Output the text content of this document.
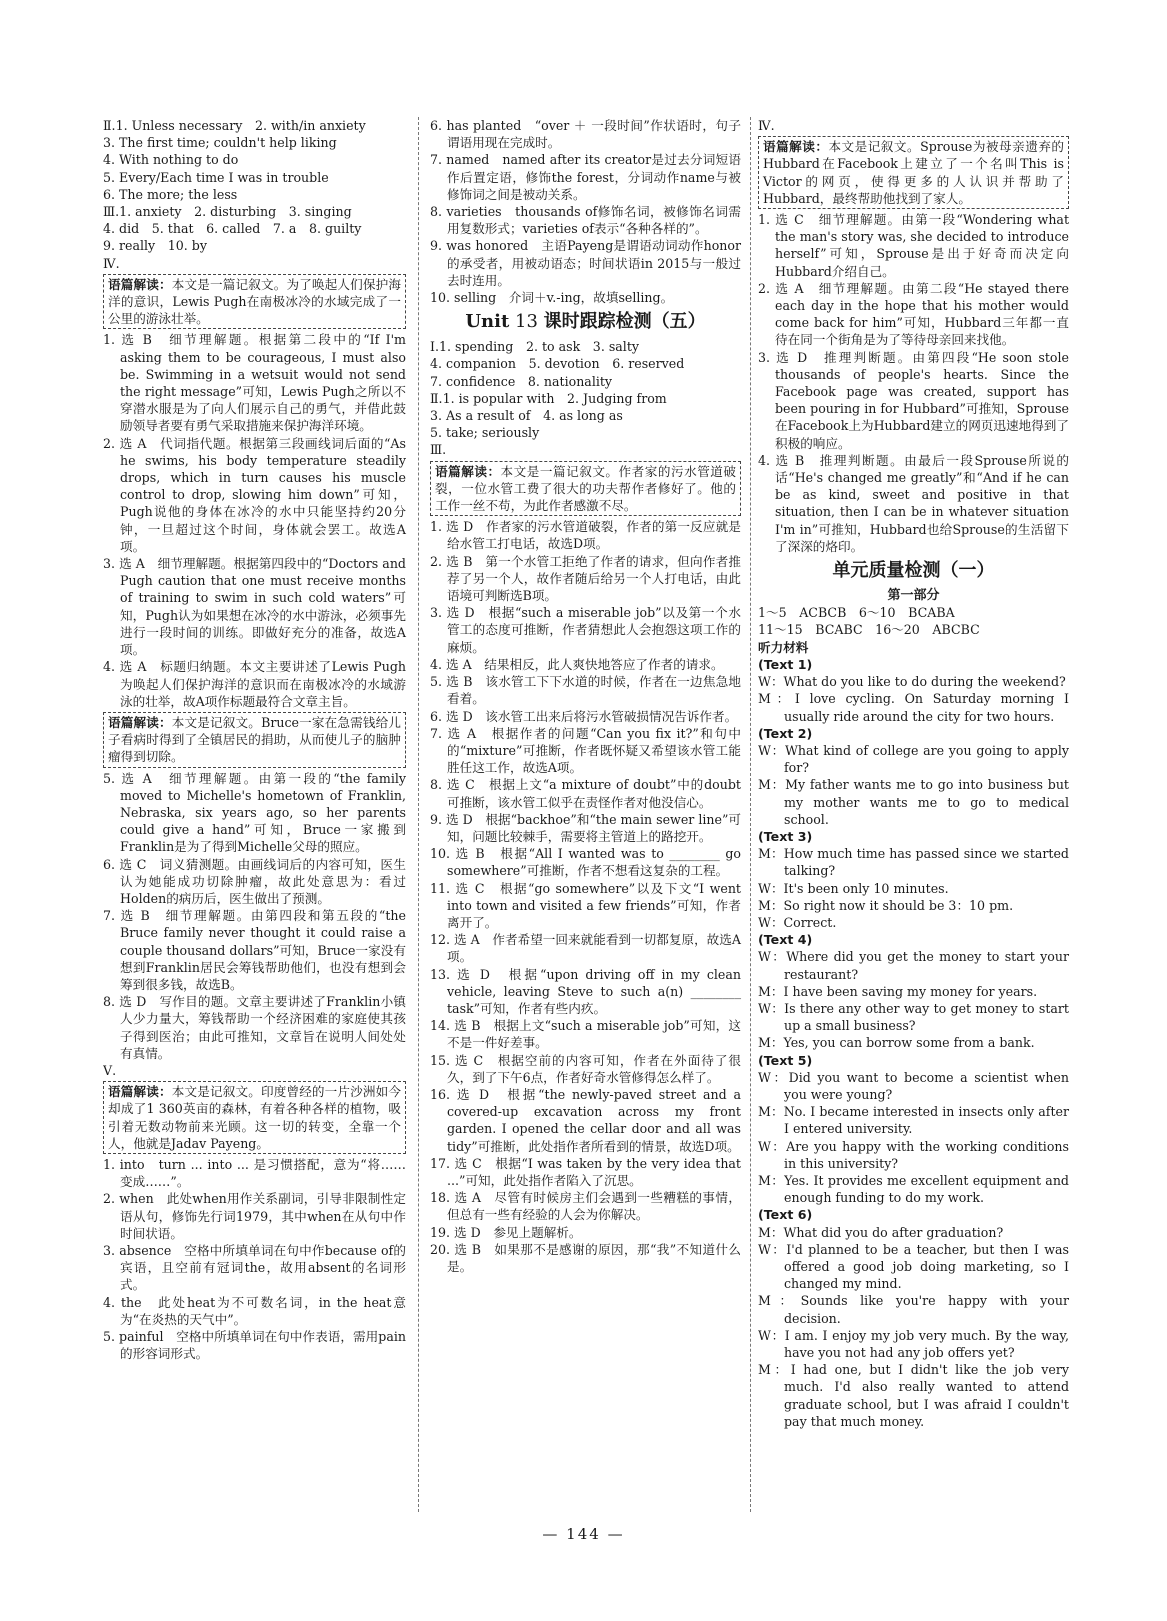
Ⅱ.1. Unless necessary　2. with/in anxiety
3. The first time; couldn't help liking
4. With nothing to do
5. Every/Each time I was in trouble
6. The more; the less
Ⅲ.1. anxiety　2. disturbing　3. singing
4. did　5. that　6. called　7. a　8. guilty
9. really　10. by
Ⅳ.
语篇解读：本文是一篇记叙文。为了唤起人们保护海洋的意识，Lewis Pugh在南极冰冷的水域完成了一公里的游泳壮举。
1. 选 B　细节理解题。根据第二段中的“If I'm asking them to be courageous, I must also be. Swimming in a wetsuit would not send the right message”可知，Lewis Pugh之所以不穿潜水服是为了向人们展示自己的勇气，并借此鼓励领导者要有勇气采取措施来保护海洋环境。
2. 选 A　代词指代题。根据第三段画线词后面的“As he swims, his body temperature steadily drops, which in turn causes his muscle control to drop, slowing him down”可知，Pugh说他的身体在冰冷的水中只能坚持约20分钟，一旦超过这个时间，身体就会罢工。故选A项。
3. 选 A　细节理解题。根据第四段中的“Doctors and Pugh caution that one must receive months of training to swim in such cold waters”可知，Pugh认为如果想在冰冷的水中游泳，必须事先进行一段时间的训练。即做好充分的准备，故选A项。
4. 选 A　标题归纳题。本文主要讲述了Lewis Pugh为唤起人们保护海洋的意识而在南极冰冷的水域游泳的壮举，故A项作标题最符合文章主旨。
语篇解读：本文是记叙文。Bruce一家在急需钱给儿子看病时得到了全镇居民的捐助，从而使儿子的脑肿瘤得到切除。
5. 选 A　细节理解题。由第一段的“the family moved to Michelle's hometown of Franklin, Nebraska, six years ago, so her parents could give a hand”可知，Bruce一家搬到Franklin是为了得到Michelle父母的照应。
6. 选 C　词义猜测题。由画线词后的内容可知，医生认为她能成功切除肿瘤，故此处意思为：看过Holden的病历后，医生做出了预测。
7. 选 B　细节理解题。由第四段和第五段的“the Bruce family never thought it could raise a couple thousand dollars”可知，Bruce一家没有想到Franklin居民会筹钱帮助他们，也没有想到会筹到很多钱，故选B。
8. 选 D　写作目的题。文章主要讲述了Franklin小镇人少力量大，筹钱帮助一个经济困难的家庭使其孩子得到医治；由此可推知，文章旨在说明人间处处有真情。
Ⅴ.
语篇解读：本文是记叙文。印度曾经的一片沙洲如今却成了1 360英亩的森林，有着各种各样的植物，吸引着无数动物前来光顾。这一切的转变，全靠一个人，他就是Jadav Payeng。
1. into　turn ... into ... 是习惯搭配，意为“将……变成……”。
2. when　此处when用作关系副词，引导非限制性定语从句，修饰先行词1979，其中when在从句中作时间状语。
3. absence　空格中所填单词在句中作because of的宾语，且空前有冠词the，故用absent的名词形式。
4. the　此处heat为不可数名词，in the heat意为“在炎热的天气中”。
5. painful　空格中所填单词在句中作表语，需用pain的形容词形式。
6. has planted　“over ＋ 一段时间”作状语时，句子谓语用现在完成时。
7. named　named after its creator是过去分词短语作后置定语，修饰the forest，分词动作name与被修饰词之间是被动关系。
8. varieties　thousands of修饰名词，被修饰名词需用复数形式；varieties of表示“各种各样的”。
9. was honored　主语Payeng是谓语动词动作honor的承受者，用被动语态；时间状语in 2015与一般过去时连用。
10. selling　介词＋v.-ing，故填selling。
Unit 13 课时跟踪检测（五）
Ⅰ.1. spending　2. to ask　3. salty
4. companion　5. devotion　6. reserved
7. confidence　8. nationality
Ⅱ.1. is popular with　2. Judging from
3. As a result of　4. as long as
5. take; seriously
Ⅲ.
语篇解读：本文是一篇记叙文。作者家的污水管道破裂，一位水管工费了很大的功夫帮作者修好了。他的工作一丝不苟，为此作者感激不尽。
1. 选 D　作者家的污水管道破裂，作者的第一反应就是给水管工打电话，故选D项。
2. 选 B　第一个水管工拒绝了作者的请求，但向作者推荐了另一个人，故作者随后给另一个人打电话，由此语境可判断选B项。
3. 选 D　根据“such a miserable job”以及第一个水管工的态度可推断，作者猜想此人会抱怨这项工作的麻烦。
4. 选 A　结果相反，此人爽快地答应了作者的请求。
5. 选 B　该水管工下下水道的时候，作者在一边焦急地看着。
6. 选 D　该水管工出来后将污水管破损情况告诉作者。
7. 选 A　根据作者的问题“Can you fix it?”和句中的“mixture”可推断，作者既怀疑又希望该水管工能胜任这工作，故选A项。
8. 选 C　根据上文“a mixture of doubt”中的doubt可推断，该水管工似乎在责怪作者对他没信心。
9. 选 D　根据“backhoe”和“the main sewer line”可知，问题比较棘手，需要将主管道上的路挖开。
10. 选 B　根据“All I wanted was to ________ go somewhere”可推断，作者不想看这复杂的工程。
11. 选 C　根据“go somewhere”以及下文“I went into town and visited a few friends”可知，作者离开了。
12. 选 A　作者希望一回来就能看到一切都复原，故选A项。
13. 选 D　根据“upon driving off in my clean vehicle, leaving Steve to such a(n) ________ task”可知，作者有些内疚。
14. 选 B　根据上文“such a miserable job”可知，这不是一件好差事。
15. 选 C　根据空前的内容可知，作者在外面待了很久，到了下午6点，作者好奇水管修得怎么样了。
16. 选 D　根据“the newly-paved street and a covered-up excavation across my front garden. I opened the cellar door and all was tidy”可推断，此处指作者所看到的情景，故选D项。
17. 选 C　根据“I was taken by the very idea that ...”可知，此处指作者陷入了沉思。
18. 选 A　尽管有时候房主们会遇到一些糟糕的事情，但总有一些有经验的人会为你解决。
19. 选 D　参见上题解析。
20. 选 B　如果那不是感谢的原因，那“我”不知道什么是。
Ⅳ.
语篇解读：本文是记叙文。Sprouse为被母亲遗弃的Hubbard在Facebook上建立了一个名叫This is Victor的网页，使得更多的人认识并帮助了Hubbard，最终帮助他找到了家人。
1. 选 C　细节理解题。由第一段“Wondering what the man's story was, she decided to introduce herself”可知，Sprouse是出于好奇而决定向Hubbard介绍自己。
2. 选 A　细节理解题。由第二段“He stayed there each day in the hope that his mother would come back for him”可知，Hubbard三年都一直待在同一个街角是为了等待母亲回来找他。
3. 选 D　推理判断题。由第四段“He soon stole thousands of people's hearts. Since the Facebook page was created, support has been pouring in for Hubbard”可推知，Sprouse在Facebook上为Hubbard建立的网页迅速地得到了积极的响应。
4. 选 B　推理判断题。由最后一段Sprouse所说的话“He's changed me greatly”和“And if he can be as kind, sweet and positive in that situation, then I can be in whatever situation I'm in”可推知，Hubbard也给Sprouse的生活留下了深深的烙印。
单元质量检测（一）
第一部分
1～5　ACBCB　6～10　BCABA
11～15　BCABC　16～20　ABCBC
听力材料
(Text 1)
W：What do you like to do during the weekend?
M：I love cycling. On Saturday morning I usually ride around the city for two hours.
(Text 2)
W：What kind of college are you going to apply for?
M：My father wants me to go into business but my mother wants me to go to medical school.
(Text 3)
M：How much time has passed since we started talking?
W：It's been only 10 minutes.
M：So right now it should be 3：10 pm.
W：Correct.
(Text 4)
W：Where did you get the money to start your restaurant?
M：I have been saving my money for years.
W：Is there any other way to get money to start up a small business?
M：Yes, you can borrow some from a bank.
(Text 5)
W：Did you want to become a scientist when you were young?
M：No. I became interested in insects only after I entered university.
W：Are you happy with the working conditions in this university?
M：Yes. It provides me excellent equipment and enough funding to do my work.
(Text 6)
M：What did you do after graduation?
W：I'd planned to be a teacher, but then I was offered a good job doing marketing, so I changed my mind.
M：Sounds like you're happy with your decision.
W：I am. I enjoy my job very much. By the way, have you not had any job offers yet?
M：I had one, but I didn't like the job very much. I'd also really wanted to attend graduate school, but I was afraid I couldn't pay that much money.
— 144 —
